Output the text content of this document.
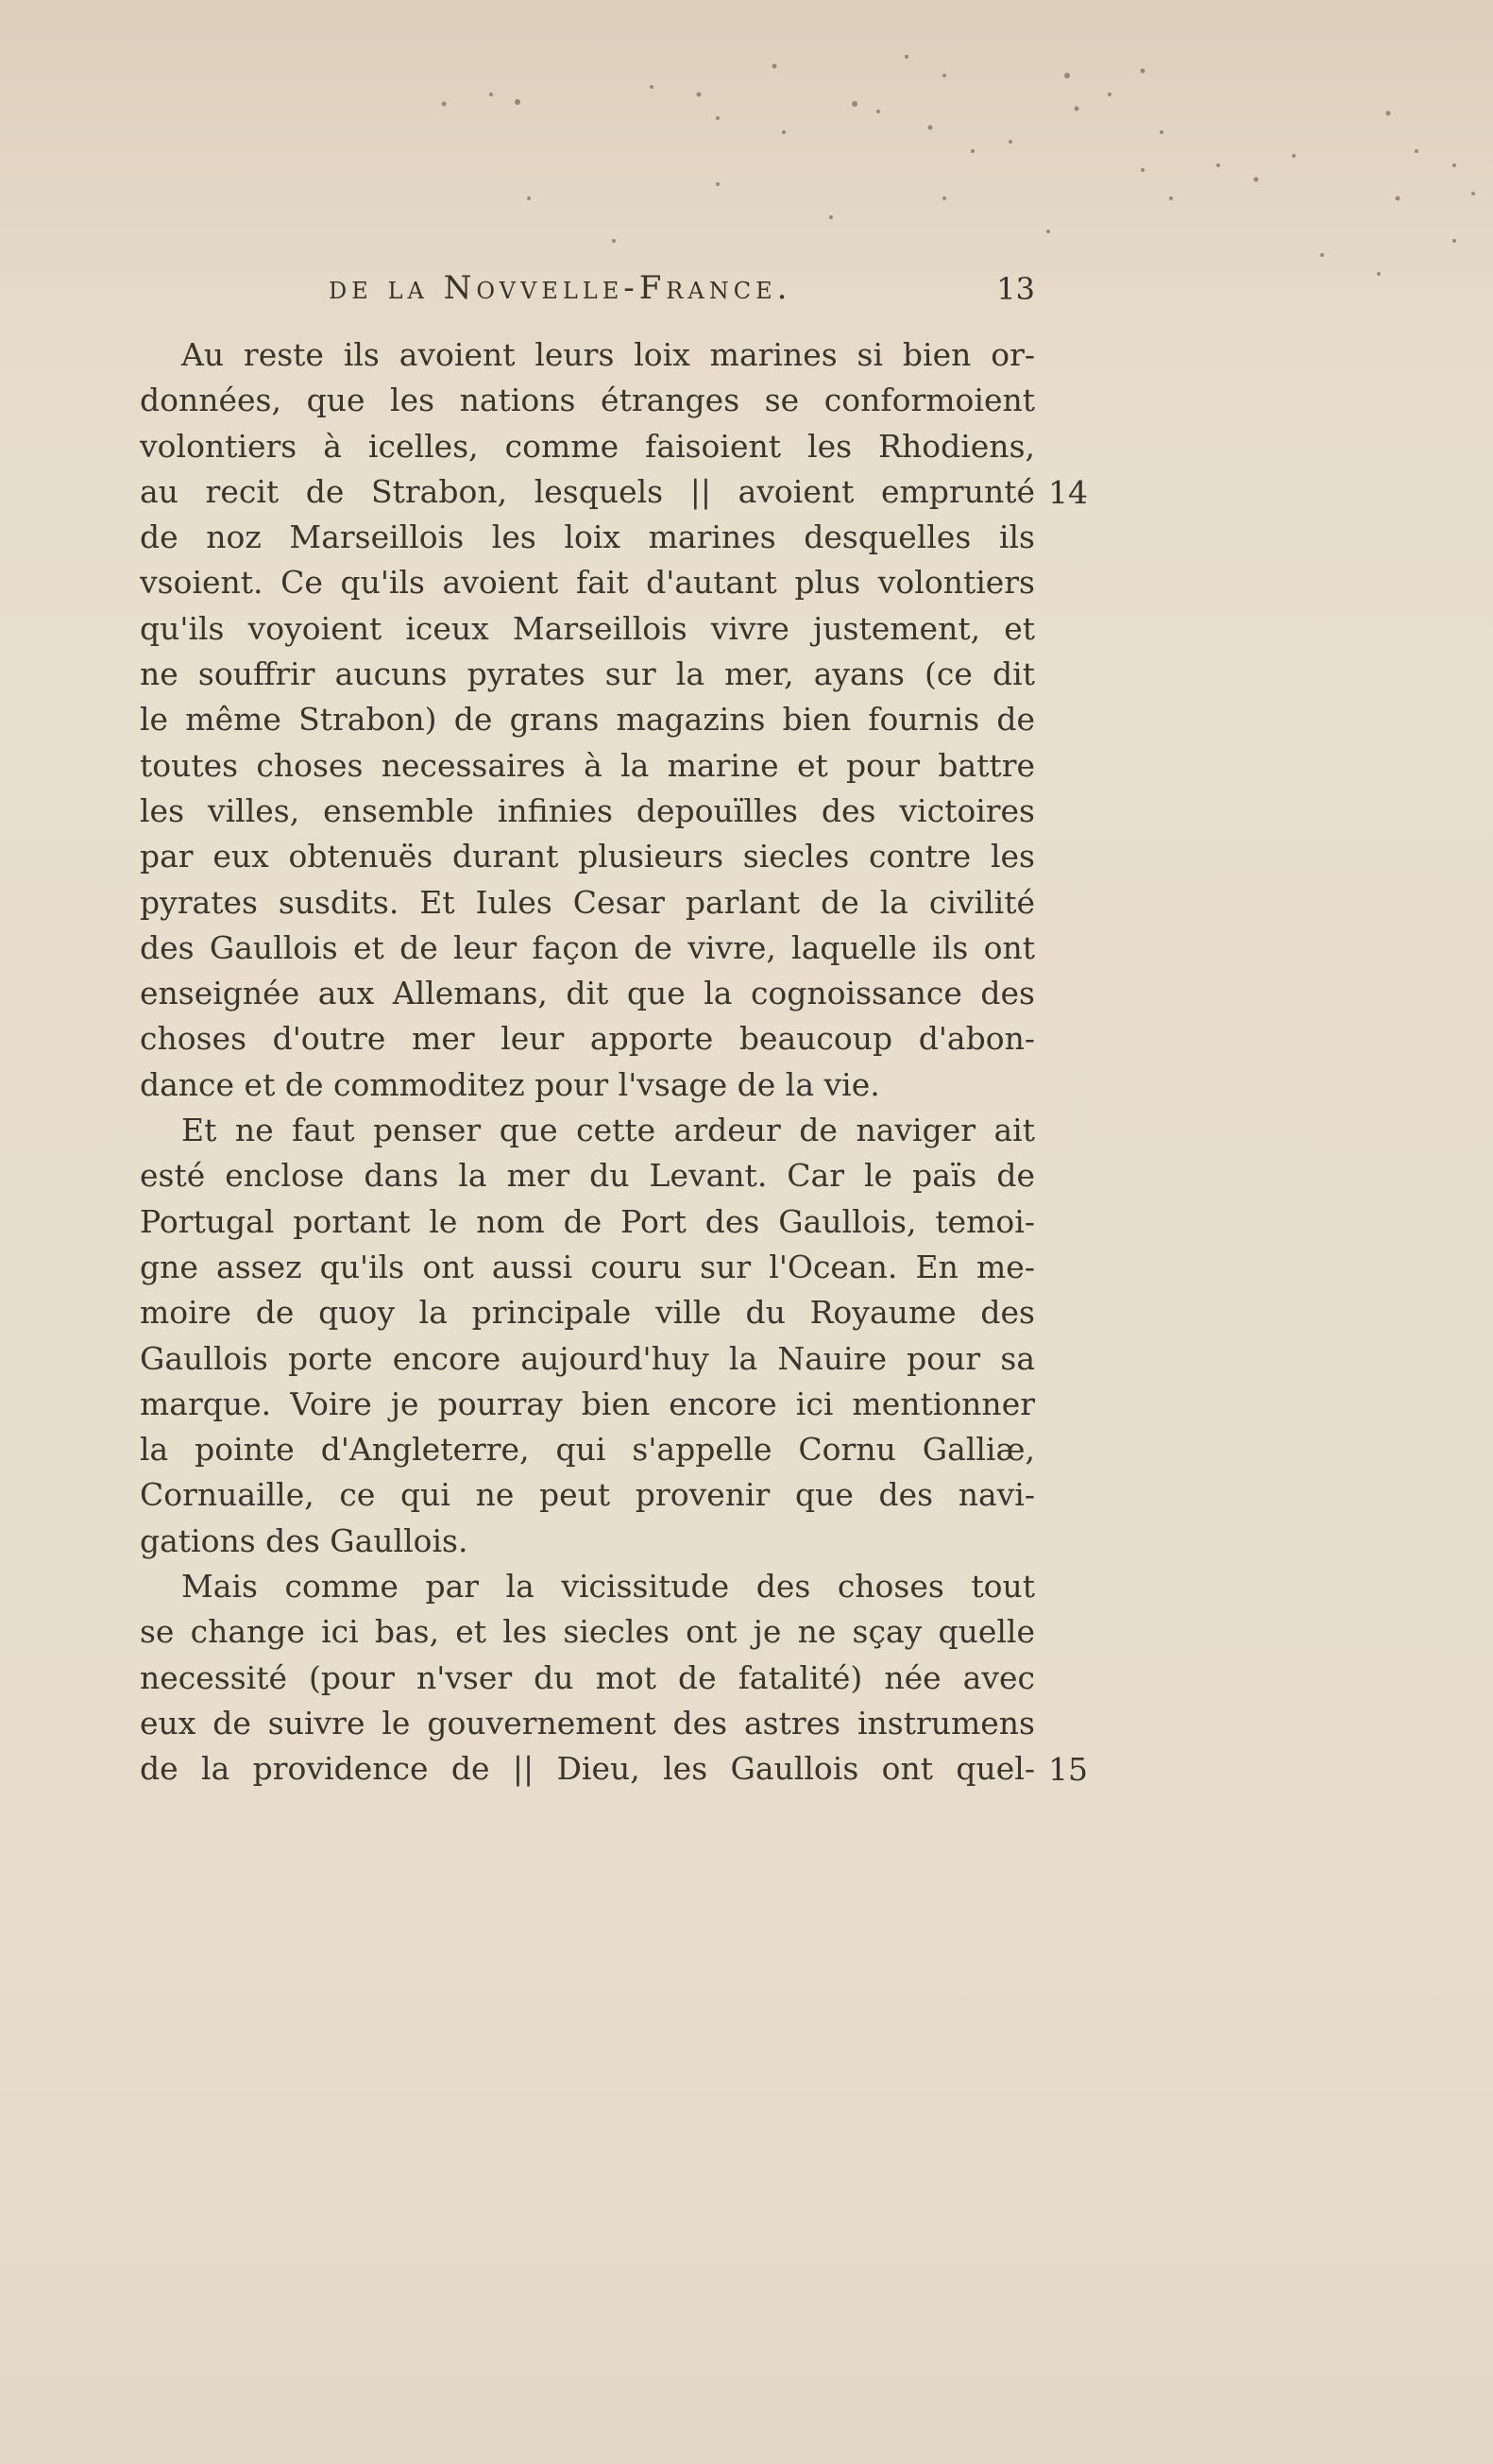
de la Novvelle-France.	13
Au reste ils avoient leurs loix marines si bien or-
données, que les nations étranges se conformoient
volontiers à icelles, comme faisoient les Rhodiens,
au recit de Strabon, lesquels || avoient emprunté
de noz Marseillois les loix marines desquelles ils
vsoient. Ce qu'ils avoient fait d'autant plus volontiers
qu'ils voyoient iceux Marseillois vivre justement, et
ne souffrir aucuns pyrates sur la mer, ayans (ce dit
le même Strabon) de grans magazins bien fournis de
toutes choses necessaires à la marine et pour battre
les villes, ensemble infinies depouïlles des victoires
par eux obtenuës durant plusieurs siecles contre les
pyrates susdits. Et Iules Cesar parlant de la civilité
des Gaullois et de leur façon de vivre, laquelle ils ont
enseignée aux Allemans, dit que la cognoissance des
choses d'outre mer leur apporte beaucoup d'abon-
dance et de commoditez pour l'vsage de la vie.
Et ne faut penser que cette ardeur de naviger ait
esté enclose dans la mer du Levant. Car le païs de
Portugal portant le nom de Port des Gaullois, temoi-
gne assez qu'ils ont aussi couru sur l'Ocean. En me-
moire de quoy la principale ville du Royaume des
Gaullois porte encore aujourd'huy la Nauire pour sa
marque. Voire je pourray bien encore ici mentionner
la pointe d'Angleterre, qui s'appelle Cornu Galliæ,
Cornuaille, ce qui ne peut provenir que des navi-
gations des Gaullois.
Mais comme par la vicissitude des choses tout
se change ici bas, et les siecles ont je ne sçay quelle
necessité (pour n'vser du mot de fatalité) née avec
eux de suivre le gouvernement des astres instrumens
de la providence de || Dieu, les Gaullois ont quel-
14
15
